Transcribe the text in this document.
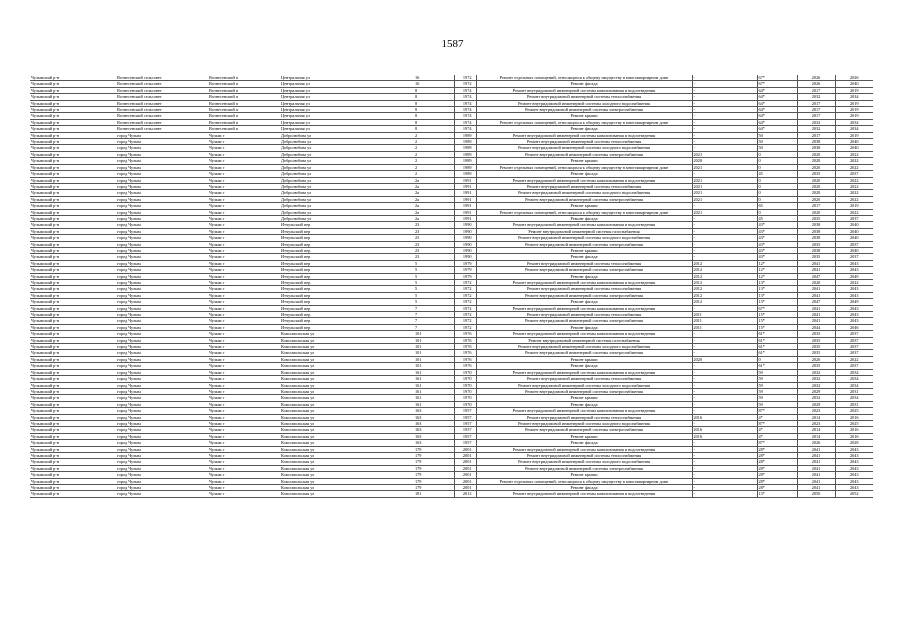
1587
Чулымский р-н	Вознесенский сельсовет	Вознесенский п	Центральная ул	16	1972	Ремонт отдельных помещений, относящихся к общему имуществу в многоквартирном доме	-	67*	2026	2026
Чулымский р-н	Вознесенский сельсовет	Вознесенский п	Центральная ул	16	1972	Ремонт фасада	-	67*	2026	2040
Чулымский р-н	Вознесенский сельсовет	Вознесенский п	Центральная ул	8	1974	Ремонт внутридомовой инженерной системы канализования и водоотведения	-	64*	2017	2019
Чулымский р-н	Вознесенский сельсовет	Вознесенский п	Центральная ул	8	1974	Ремонт внутридомовой инженерной системы теплоснабжения	-	64*	2032	2034
Чулымский р-н	Вознесенский сельсовет	Вознесенский п	Центральная ул	8	1974	Ремонт внутридомовой инженерной системы холодного водоснабжения	-	64*	2017	2019
Чулымский р-н	Вознесенский сельсовет	Вознесенский п	Центральная ул	8	1974	Ремонт внутридомовой инженерной системы электроснабжения	-	64*	2017	2019
Чулымский р-н	Вознесенский сельсовет	Вознесенский п	Центральная ул	8	1974	Ремонт крыши	-	64*	2017	2019
Чулымский р-н	Вознесенский сельсовет	Вознесенский п	Центральная ул	8	1974	Ремонт отдельных помещений, относящихся к общему имуществу в многоквартирном доме	-	64*	2032	2034
Чулымский р-н	Вознесенский сельсовет	Вознесенский п	Центральная ул	8	1974	Ремонт фасада	-	64*	2032	2034
Чулымский р-н	город Чулым	Чулым г	Добролюбова ул	2	1989	Ремонт внутридомовой инженерной системы канализования и водоотведения	-	50	2017	2019
Чулымский р-н	город Чулым	Чулым г	Добролюбова ул	2	1989	Ремонт внутридомовой инженерной системы теплоснабжения	-	50	2038	2040
Чулымский р-н	город Чулым	Чулым г	Добролюбова ул	2	1989	Ремонт внутридомовой инженерной системы холодного водоснабжения	-	50	2038	2040
Чулымский р-н	город Чулым	Чулым г	Добролюбова ул	2	1989	Ремонт внутридомовой инженерной системы электроснабжения	2021	0	2020	2022
Чулымский р-н	город Чулым	Чулым г	Добролюбова ул	2	1989	Ремонт крыши	2020	0	2020	2022
Чулымский р-н	город Чулым	Чулым г	Добролюбова ул	2	1989	Ремонт отдельных помещений, относящихся к общему имуществу в многоквартирном доме	2021	0	2020	2022
Чулымский р-н	город Чулым	Чулым г	Добролюбова ул	2	1989	Ремонт фасада	-	45	2035	2037
Чулымский р-н	город Чулым	Чулым г	Добролюбова ул	2а	1991	Ремонт внутридомовой инженерной системы канализования и водоотведения	2021	0	2020	2022
Чулымский р-н	город Чулым	Чулым г	Добролюбова ул	2а	1991	Ремонт внутридомовой инженерной системы теплоснабжения	2021	0	2020	2022
Чулымский р-н	город Чулым	Чулым г	Добролюбова ул	2а	1991	Ремонт внутридомовой инженерной системы холодного водоснабжения	2021	0	2020	2022
Чулымский р-н	город Чулым	Чулым г	Добролюбова ул	2а	1991	Ремонт внутридомовой инженерной системы электроснабжения	2021	0	2020	2022
Чулымский р-н	город Чулым	Чулым г	Добролюбова ул	2а	1991	Ремонт крыши	-	65	2017	2019
Чулымский р-н	город Чулым	Чулым г	Добролюбова ул	2а	1991	Ремонт отдельных помещений, относящихся к общему имуществу в многоквартирном доме	2021	0	2020	2022
Чулымский р-н	город Чулым	Чулым г	Добролюбова ул	2а	1991	Ремонт фасада	-	45	2035	2037
Чулымский р-н	город Чулым	Чулым г	Итчульский пер	23	1990	Ремонт внутридомовой инженерной системы канализования и водоотведения	-	43*	2038	2040
Чулымский р-н	город Чулым	Чулым г	Итчульский пер	23	1990	Ремонт внутридомовой инженерной системы газоснабжения	-	43*	2038	2040
Чулымский р-н	город Чулым	Чулым г	Итчульский пер	23	1990	Ремонт внутридомовой инженерной системы холодного водоснабжения	-	43*	2038	2040
Чулымский р-н	город Чулым	Чулым г	Итчульский пер	23	1990	Ремонт внутридомовой инженерной системы электроснабжения	-	43*	2035	2037
Чулымский р-н	город Чулым	Чулым г	Итчульский пер	23	1990	Ремонт крыши	-	43*	2038	2040
Чулымский р-н	город Чулым	Чулым г	Итчульский пер	23	1990	Ремонт фасада	-	43*	2035	2037
Чулымский р-н	город Чулым	Чулым г	Итчульский пер	5	1979	Ремонт внутридомовой инженерной системы теплоснабжения	2012	12*	2041	2043
Чулымский р-н	город Чулым	Чулым г	Итчульский пер	5	1979	Ремонт внутридомовой инженерной системы электроснабжения	2012	12*	2041	2043
Чулымский р-н	город Чулым	Чулым г	Итчульский пер	5	1979	Ремонт фасада	2012	12*	2047	2049
Чулымский р-н	город Чулым	Чулым г	Итчульский пер	5	1972	Ремонт внутридомовой инженерной системы канализования и водоотведения	2012	13*	2020	2022
Чулымский р-н	город Чулым	Чулым г	Итчульский пер	5	1972	Ремонт внутридомовой инженерной системы теплоснабжения	2012	13*	2041	2043
Чулымский р-н	город Чулым	Чулым г	Итчульский пер	5	1972	Ремонт внутридомовой инженерной системы электроснабжения	2012	13*	2041	2043
Чулымский р-н	город Чулым	Чулым г	Итчульский пер	5	1972	Ремонт фасада	2012	13*	2047	2049
Чулымский р-н	город Чулым	Чулым г	Итчульский пер	7	1972	Ремонт внутридомовой инженерной системы канализования и водоотведения	-	67*	2041	2043
Чулымский р-н	город Чулым	Чулым г	Итчульский пер	7	1972	Ремонт внутридомовой инженерной системы теплоснабжения	2011	15*	2041	2043
Чулымский р-н	город Чулым	Чулым г	Итчульский пер	7	1972	Ремонт внутридомовой инженерной системы электроснабжения	2011	15*	2041	2043
Чулымский р-н	город Чулым	Чулым г	Итчульский пер	7	1972	Ремонт фасада	2011	15*	2044	2046
Чулымский р-н	город Чулым	Чулым г	Комсомольская ул	101	1976	Ремонт внутридомовой инженерной системы канализования и водоотведения	-	61*	2035	2037
Чулымский р-н	город Чулым	Чулым г	Комсомольская ул	101	1976	Ремонт внутридомовой инженерной системы газоснабжения	-	61*	2035	2037
Чулымский р-н	город Чулым	Чулым г	Комсомольская ул	101	1976	Ремонт внутридомовой инженерной системы холодного водоснабжения	-	61*	2035	2037
Чулымский р-н	город Чулым	Чулым г	Комсомольская ул	101	1976	Ремонт внутридомовой инженерной системы электроснабжения	-	61*	2035	2037
Чулымский р-н	город Чулым	Чулым г	Комсомольская ул	101	1976	Ремонт крыши	2020	0	2020	2022
Чулымский р-н	город Чулым	Чулым г	Комсомольская ул	101	1976	Ремонт фасада	-	61*	2035	2037
Чулымский р-н	город Чулым	Чулым г	Комсомольская ул	161	1970	Ремонт внутридомовой инженерной системы канализования и водоотведения	-	59	2032	2034
Чулымский р-н	город Чулым	Чулым г	Комсомольская ул	161	1970	Ремонт внутридомовой инженерной системы теплоснабжения	-	59	2032	2034
Чулымский р-н	город Чулым	Чулым г	Комсомольская ул	161	1970	Ремонт внутридомовой инженерной системы холодного водоснабжения	-	59	2032	2034
Чулымский р-н	город Чулым	Чулым г	Комсомольская ул	161	1970	Ремонт внутридомовой инженерной системы электроснабжения	-	59	2029	2031
Чулымский р-н	город Чулым	Чулым г	Комсомольская ул	161	1970	Ремонт крыши	-	59	2032	2034
Чулымский р-н	город Чулым	Чулым г	Комсомольская ул	161	1970	Ремонт фасада	-	59	2029	2031
Чулымский р-н	город Чулым	Чулым г	Комсомольская ул	163	1957	Ремонт внутридомовой инженерной системы канализования и водоотведения	-	87*	2023	2025
Чулымский р-н	город Чулым	Чулым г	Комсомольская ул	163	1957	Ремонт внутридомовой инженерной системы теплоснабжения	2016	4*	2014	2016
Чулымский р-н	город Чулым	Чулым г	Комсомольская ул	163	1957	Ремонт внутридомовой инженерной системы холодного водоснабжения	-	87*	2023	2025
Чулымский р-н	город Чулым	Чулым г	Комсомольская ул	163	1957	Ремонт внутридомовой инженерной системы электроснабжения	2016	4*	2014	2016
Чулымский р-н	город Чулым	Чулым г	Комсомольская ул	163	1957	Ремонт крыши	2016	4*	2014	2016
Чулымский р-н	город Чулым	Чулым г	Комсомольская ул	163	1957	Ремонт фасада	-	87*	2026	2028
Чулымский р-н	город Чулым	Чулым г	Комсомольская ул	179	2001	Ремонт внутридомовой инженерной системы канализования и водоотведения	-	28*	2041	2043
Чулымский р-н	город Чулым	Чулым г	Комсомольская ул	179	2001	Ремонт внутридомовой инженерной системы теплоснабжения	-	28*	2041	2043
Чулымский р-н	город Чулым	Чулым г	Комсомольская ул	179	2001	Ремонт внутридомовой инженерной системы холодного водоснабжения	-	28*	2041	2043
Чулымский р-н	город Чулым	Чулым г	Комсомольская ул	179	2001	Ремонт внутридомовой инженерной системы электроснабжения	-	28*	2041	2043
Чулымский р-н	город Чулым	Чулым г	Комсомольская ул	179	2001	Ремонт крыши	-	28*	2041	2043
Чулымский р-н	город Чулым	Чулым г	Комсомольская ул	179	2001	Ремонт отдельных помещений, относящихся к общему имуществу в многоквартирном доме	-	28*	2041	2043
Чулымский р-н	город Чулым	Чулым г	Комсомольская ул	179	2001	Ремонт фасада	-	28*	2041	2043
Чулымский р-н	город Чулым	Чулым г	Комсомольская ул	181	2012	Ремонт внутридомовой инженерной системы канализования и водоотведения	-	13*	2050	2052
